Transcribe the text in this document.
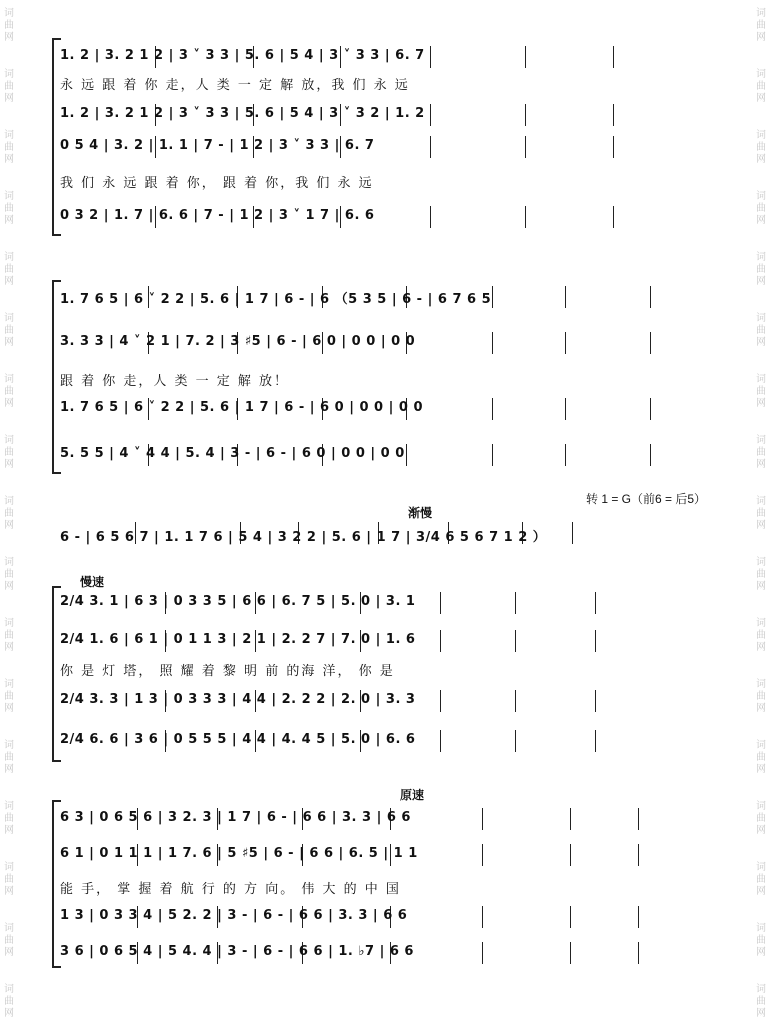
词
曲
网
词
曲
网
词
曲
网
词
曲
网
词
曲
网
词
曲
网
词
曲
网
词
曲
网
词
曲
网
词
曲
网
词
曲
网
词
曲
网
词
曲
网
词
曲
网
词
曲
网
词
曲
网
词
曲
网
词
曲
网
词
曲
网
词
曲
网
词
曲
网
词
曲
网
词
曲
网
词
曲
网
词
曲
网
词
曲
网
词
曲
网
词
曲
网
词
曲
网
词
曲
网
词
曲
网
词
曲
网
词
曲
网
词
曲
网
1. 2 | 3. 2 1 2 | 3 ˅ 3 3 | 5. 6 | 5 4 | 3 ˅ 3 3 | 6. 7
永 远 跟 着 你 走，人 类 一 定 解 放，我 们 永 远
1. 2 | 3. 2 1 2 | 3 ˅ 3 3 | 5. 6 | 5 4 | 3 ˅ 3 2 | 1. 2
0 5 4 | 3. 2 | 1. 1 | 7 - | 1 2 | 3 ˅ 3 3 | 6. 7
我 们 永 远 跟 着 你， 跟 着 你，我 们 永 远
0 3 2 | 1. 7 | 6. 6 | 7 - | 1 2 | 3 ˅ 1 7 | 6. 6
1. 7 6 5 | 6 ˅ 2 2 | 5. 6 | 1 7 | 6 - | 6 （5 3 5 | 6 - | 6 7 6 5
3. 3 3 | 4 ˅ 2 1 | 7. 2 | 3 ♯5 | 6 - | 6 0 | 0 0 | 0 0
跟 着 你 走，人 类 一 定 解 放！
1. 7 6 5 | 6 ˅ 2 2 | 5. 6 | 1 7 | 6 - | 6 0 | 0 0 | 0 0
5. 5 5 | 4 ˅ 4 4 | 5. 4 | 3 - | 6 - | 6 0 | 0 0 | 0 0
6 - | 6 5 6 7 | 1. 1 7 6 | 5 4 | 3 2 2 | 5. 6 | 1 7 | 3/4 6 5 6 7 1 2 ）
2/4 3. 1 | 6 3 | 0 3 3 5 | 6 6 | 6. 7 5 | 5. 0 | 3. 1
2/4 1. 6 | 6 1 | 0 1 1 3 | 2 1 | 2. 2 7 | 7. 0 | 1. 6
你 是 灯 塔， 照 耀 着 黎 明 前 的海 洋， 你 是
2/4 3. 3 | 1 3 | 0 3 3 3 | 4 4 | 2. 2 2 | 2. 0 | 3. 3
2/4 6. 6 | 3 6 | 0 5 5 5 | 4 4 | 4. 4 5 | 5. 0 | 6. 6
6 3 | 0 6 5 6 | 3 2. 3 | 1 7 | 6 - | 6 6 | 3. 3 | 6 6
6 1 | 0 1 1 1 | 1 7. 6 | 5 ♯5 | 6 - | 6 6 | 6. 5 | 1 1
能 手， 掌 握 着 航 行 的 方 向。 伟 大 的 中 国
1 3 | 0 3 3 4 | 5 2. 2 | 3 - | 6 - | 6 6 | 3. 3 | 6 6
3 6 | 0 6 5 4 | 5 4. 4 | 3 - | 6 - | 6 6 | 1. ♭7 | 6 6
渐慢
转 1 = G（前6 = 后5）
慢速
原速
